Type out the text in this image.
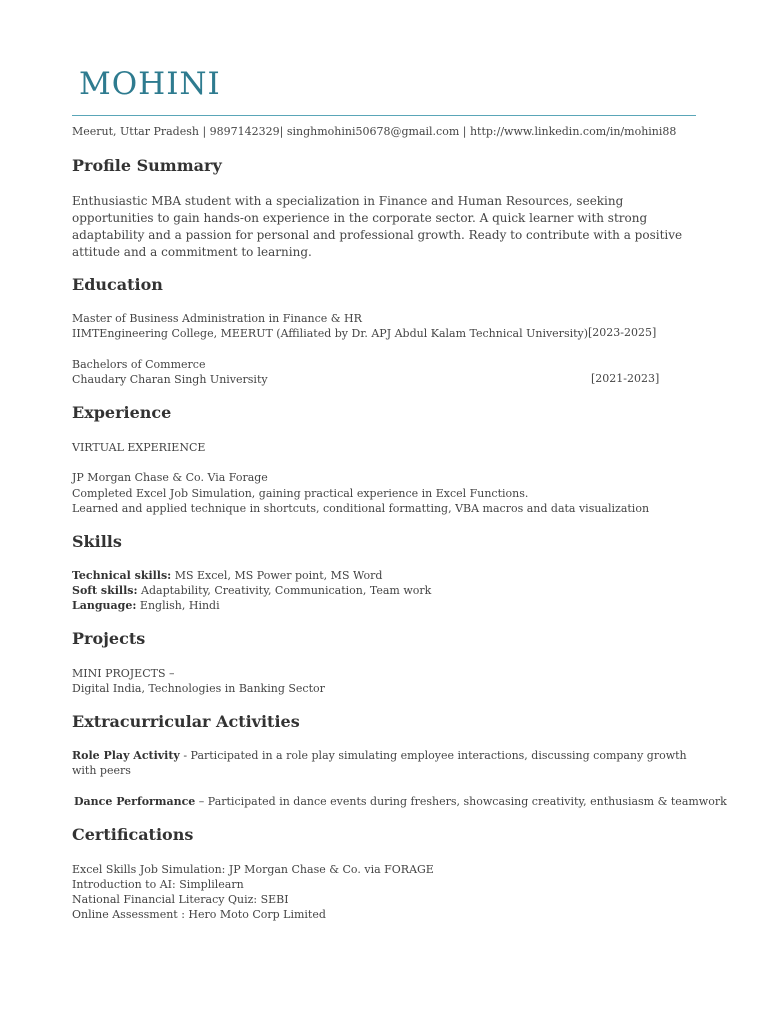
MOHINI
Meerut, Uttar Pradesh | 9897142329| singhmohini50678@gmail.com | http://www.linkedin.com/in/mohini88
Profile Summary
Enthusiastic MBA student with a specialization in Finance and Human Resources, seeking opportunities to gain hands-on experience in the corporate sector. A quick learner with strong adaptability and a passion for personal and professional growth. Ready to contribute with a positive attitude and a commitment to learning.
Education
Master of Business Administration in Finance & HR
IIMTEngineering College, MEERUT (Affiliated by Dr. APJ Abdul Kalam Technical University) [2023-2025]
Bachelors of Commerce
Chaudary Charan Singh University	[2021-2023]
Experience
VIRTUAL EXPERIENCE
JP Morgan Chase & Co. Via Forage
Completed Excel Job Simulation, gaining practical experience in Excel Functions.
Learned and applied technique in shortcuts, conditional formatting, VBA macros and data visualization
Skills
Technical skills: MS Excel, MS Power point, MS Word
Soft skills: Adaptability, Creativity, Communication, Team work
Language: English, Hindi
Projects
MINI PROJECTS –
Digital India, Technologies in Banking Sector
Extracurricular Activities
Role Play Activity - Participated in a role play simulating employee interactions, discussing company growth with peers
Dance Performance – Participated in dance events during freshers, showcasing creativity, enthusiasm & teamwork
Certifications
Excel Skills Job Simulation: JP Morgan Chase & Co. via FORAGE
Introduction to AI: Simplilearn
National Financial Literacy Quiz: SEBI
Online Assessment : Hero Moto Corp Limited
